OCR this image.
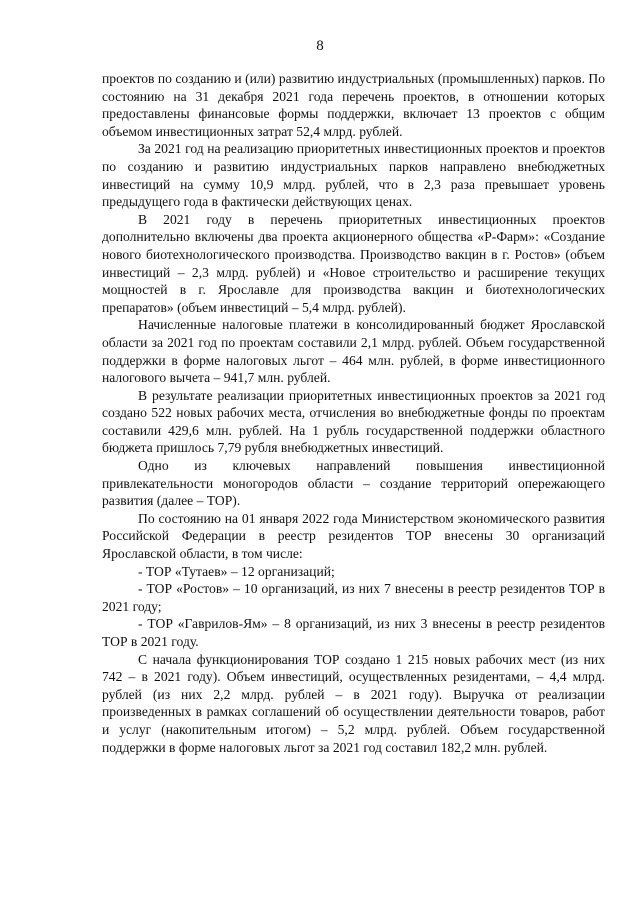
8

проектов по созданию и (или) развитию индустриальных (промышленных) парков. По состоянию на 31 декабря 2021 года перечень проектов, в отношении которых предоставлены финансовые формы поддержки, включает 13 проектов с общим объемом инвестиционных затрат 52,4 млрд. рублей.

За 2021 год на реализацию приоритетных инвестиционных проектов и проектов по созданию и развитию индустриальных парков направлено внебюджетных инвестиций на сумму 10,9 млрд. рублей, что в 2,3 раза превышает уровень предыдущего года в фактически действующих ценах.

В 2021 году в перечень приоритетных инвестиционных проектов дополнительно включены два проекта акционерного общества «Р-Фарм»: «Создание нового биотехнологического производства. Производство вакцин в г. Ростов» (объем инвестиций – 2,3 млрд. рублей) и «Новое строительство и расширение текущих мощностей в г. Ярославле для производства вакцин и биотехнологических препаратов» (объем инвестиций – 5,4 млрд. рублей).

Начисленные налоговые платежи в консолидированный бюджет Ярославской области за 2021 год по проектам составили 2,1 млрд. рублей. Объем государственной поддержки в форме налоговых льгот – 464 млн. рублей, в форме инвестиционного налогового вычета – 941,7 млн. рублей.

В результате реализации приоритетных инвестиционных проектов за 2021 год создано 522 новых рабочих места, отчисления во внебюджетные фонды по проектам составили 429,6 млн. рублей. На 1 рубль государственной поддержки областного бюджета пришлось 7,79 рубля внебюджетных инвестиций.

Одно из ключевых направлений повышения инвестиционной привлекательности моногородов области – создание территорий опережающего развития (далее – ТОР).

По состоянию на 01 января 2022 года Министерством экономического развития Российской Федерации в реестр резидентов ТОР внесены 30 организаций Ярославской области, в том числе:

- ТОР «Тутаев» – 12 организаций;

- ТОР «Ростов» – 10 организаций, из них 7 внесены в реестр резидентов ТОР в 2021 году;

- ТОР «Гаврилов-Ям» – 8 организаций, из них 3 внесены в реестр резидентов ТОР в 2021 году.

С начала функционирования ТОР создано 1 215 новых рабочих мест (из них 742 – в 2021 году). Объем инвестиций, осуществленных резидентами, – 4,4 млрд. рублей (из них 2,2 млрд. рублей – в 2021 году). Выручка от реализации произведенных в рамках соглашений об осуществлении деятельности товаров, работ и услуг (накопительным итогом) – 5,2 млрд. рублей. Объем государственной поддержки в форме налоговых льгот за 2021 год составил 182,2 млн. рублей.
